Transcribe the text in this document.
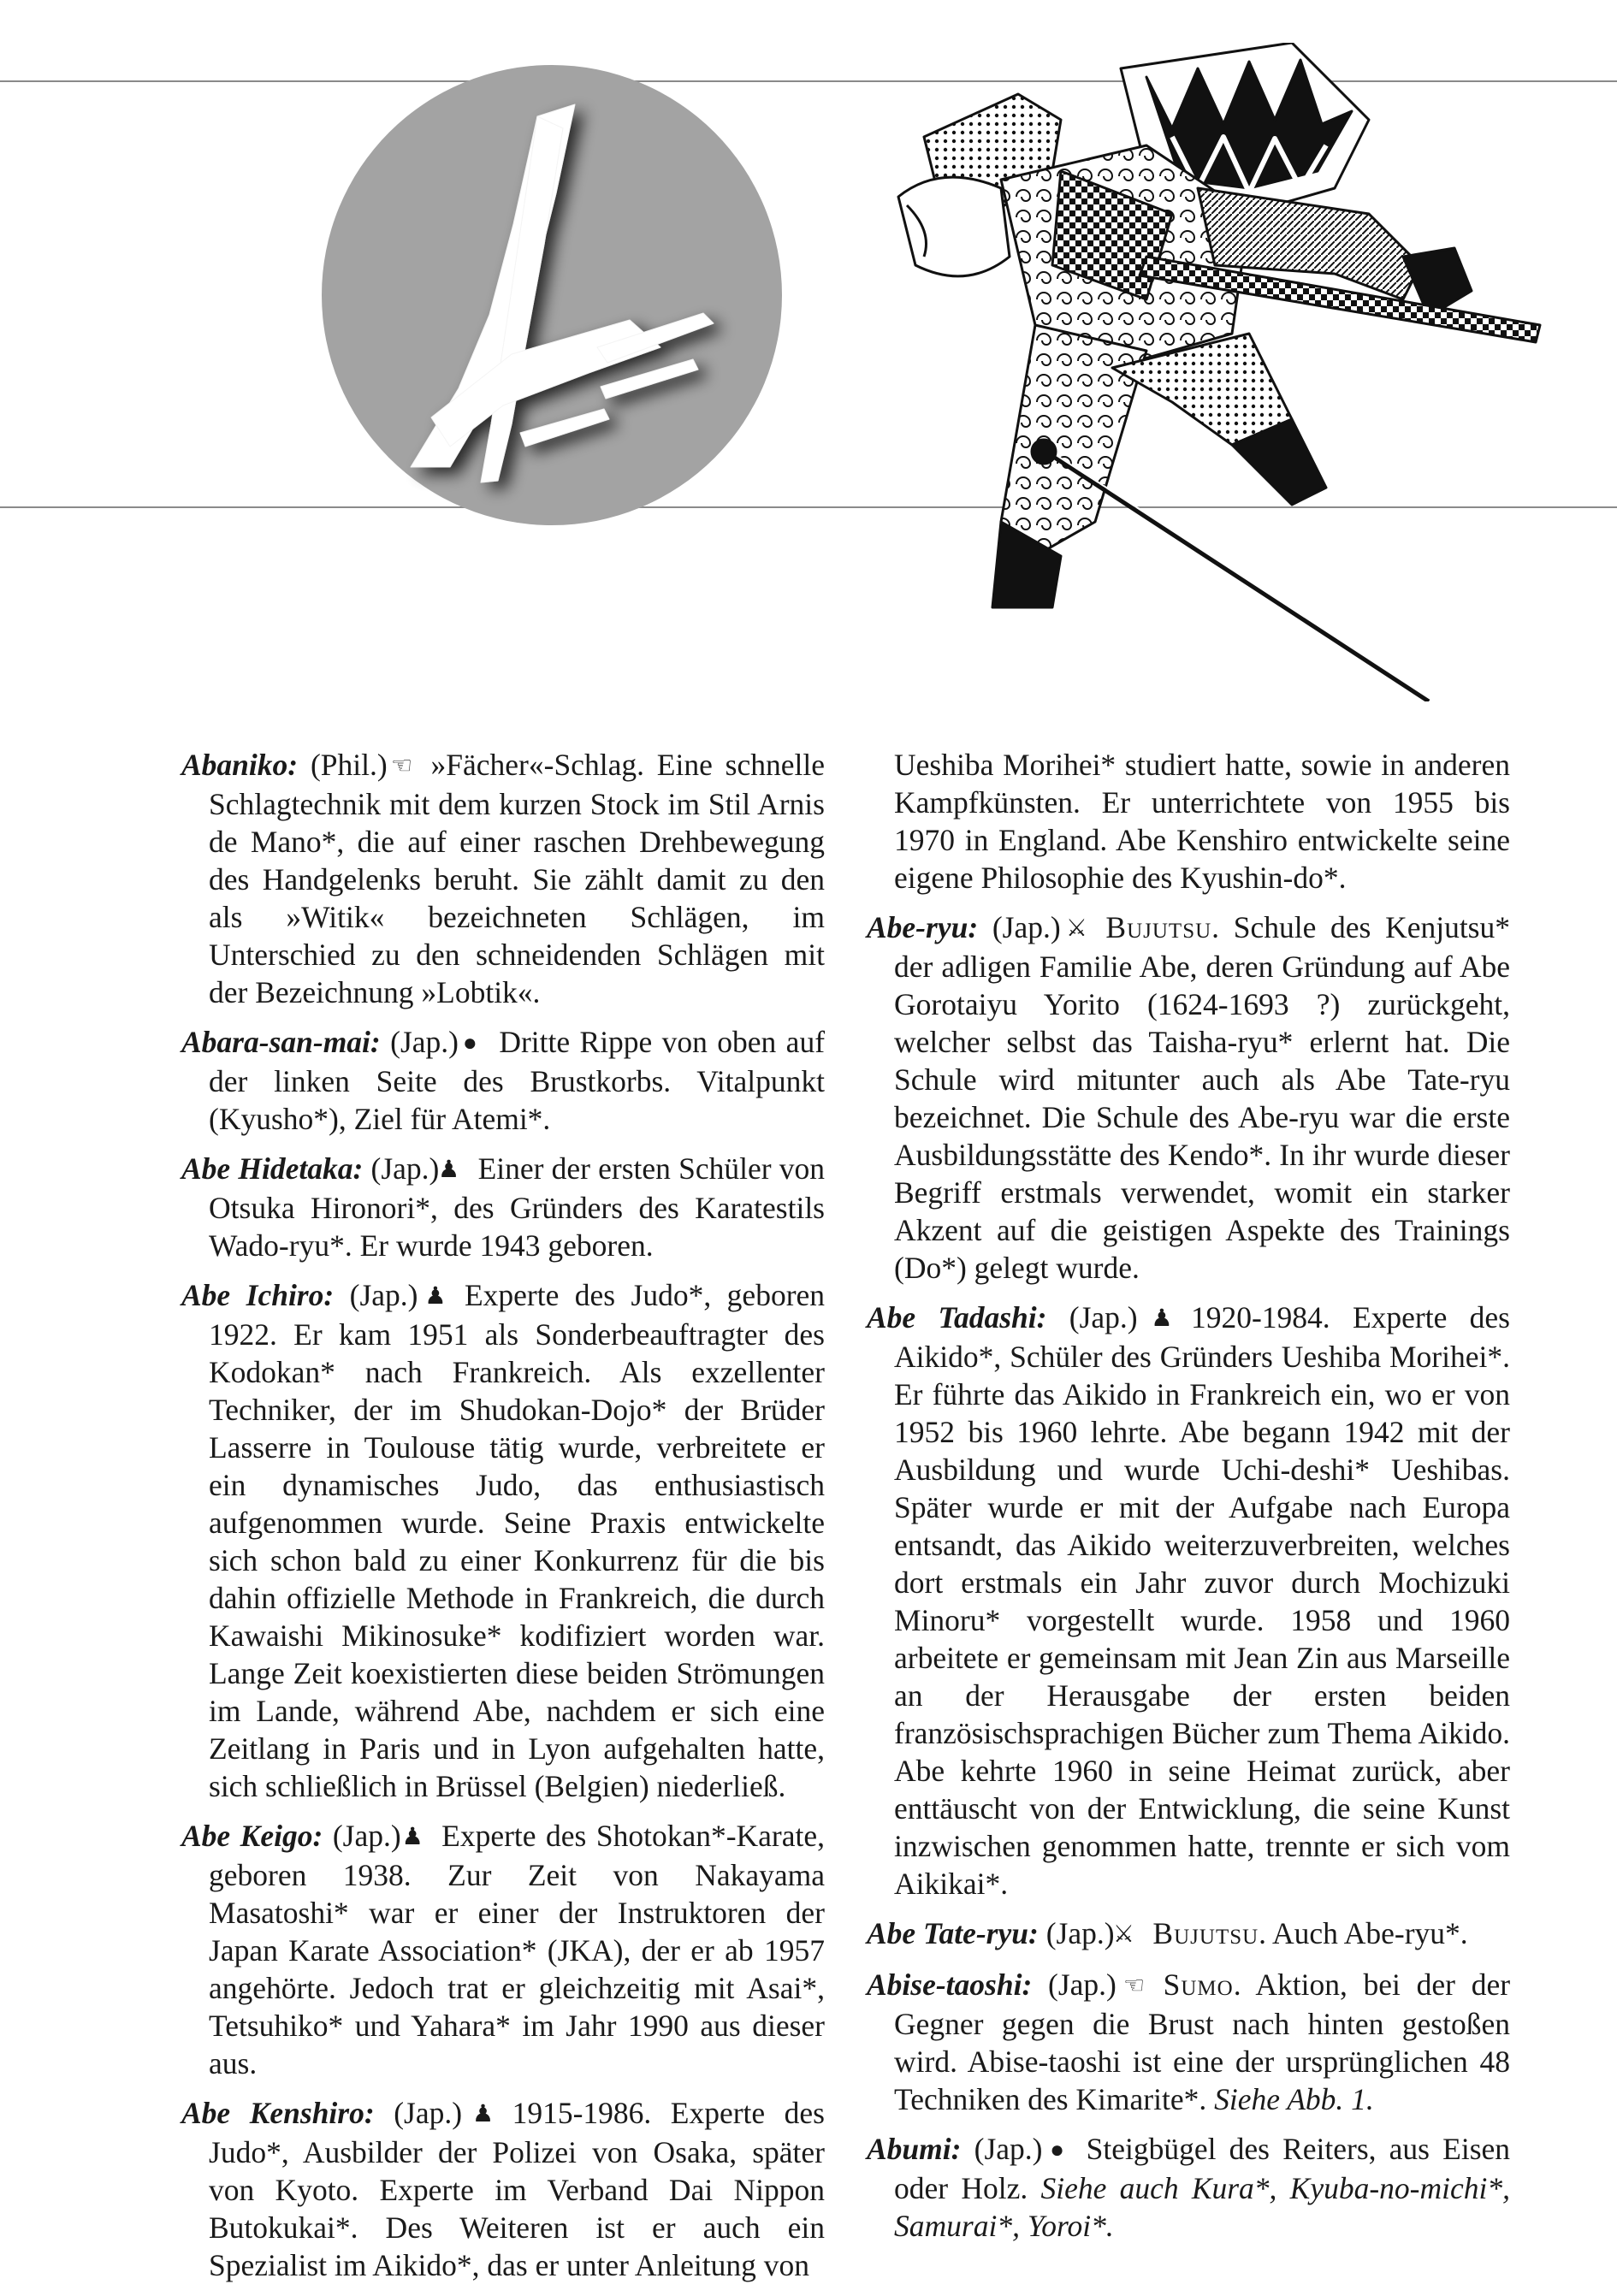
Abaniko: (Phil.) ☜ »Fächer«-Schlag. Eine schnelle Schlagtechnik mit dem kurzen Stock im Stil Arnis de Mano*, die auf einer raschen Drehbewegung des Handgelenks beruht. Sie zählt damit zu den als »Witik« bezeichneten Schlägen, im Unterschied zu den schneidenden Schlägen mit der Bezeichnung »Lobtik«.

Abara-san-mai: (Jap.) ● Dritte Rippe von oben auf der linken Seite des Brustkorbs. Vitalpunkt (Kyusho*), Ziel für Atemi*.

Abe Hidetaka: (Jap.) ♟ Einer der ersten Schüler von Otsuka Hironori*, des Gründers des Karatestils Wado-ryu*. Er wurde 1943 geboren.

Abe Ichiro: (Jap.) ♟ Experte des Judo*, geboren 1922. Er kam 1951 als Sonderbeauftragter des Kodokan* nach Frankreich. Als exzellenter Techniker, der im Shudokan-Dojo* der Brüder Lasserre in Toulouse tätig wurde, verbreitete er ein dynamisches Judo, das enthusiastisch aufgenommen wurde. Seine Praxis entwickelte sich schon bald zu einer Konkurrenz für die bis dahin offizielle Methode in Frankreich, die durch Kawaishi Mikinosuke* kodifiziert worden war. Lange Zeit koexistierten diese beiden Strömungen im Lande, während Abe, nachdem er sich eine Zeitlang in Paris und in Lyon aufgehalten hatte, sich schließlich in Brüssel (Belgien) niederließ.

Abe Keigo: (Jap.) ♟ Experte des Shotokan*-Karate, geboren 1938. Zur Zeit von Nakayama Masatoshi* war er einer der Instruktoren der Japan Karate Association* (JKA), der er ab 1957 angehörte. Jedoch trat er gleichzeitig mit Asai*, Tetsuhiko* und Yahara* im Jahr 1990 aus dieser aus.

Abe Kenshiro: (Jap.) ♟ 1915-1986. Experte des Judo*, Ausbilder der Polizei von Osaka, später von Kyoto. Experte im Verband Dai Nippon Butokukai*. Des Weiteren ist er auch ein Spezialist im Aikido*, das er unter Anleitung von

Ueshiba Morihei* studiert hatte, sowie in anderen Kampfkünsten. Er unterrichtete von 1955 bis 1970 in England. Abe Kenshiro entwickelte seine eigene Philosophie des Kyushin-do*.

Abe-ryu: (Jap.) ⚔ Bujutsu. Schule des Kenjutsu* der adligen Familie Abe, deren Gründung auf Abe Gorotaiyu Yorito (1624-1693 ?) zurückgeht, welcher selbst das Taisha-ryu* erlernt hat. Die Schule wird mitunter auch als Abe Tate-ryu bezeichnet. Die Schule des Abe-ryu war die erste Ausbildungsstätte des Kendo*. In ihr wurde dieser Begriff erstmals verwendet, womit ein starker Akzent auf die geistigen Aspekte des Trainings (Do*) gelegt wurde.

Abe Tadashi: (Jap.) ♟ 1920-1984. Experte des Aikido*, Schüler des Gründers Ueshiba Morihei*. Er führte das Aikido in Frankreich ein, wo er von 1952 bis 1960 lehrte. Abe begann 1942 mit der Ausbildung und wurde Uchi-deshi* Ueshibas. Später wurde er mit der Aufgabe nach Europa entsandt, das Aikido weiterzuverbreiten, welches dort erstmals ein Jahr zuvor durch Mochizuki Minoru* vorgestellt wurde. 1958 und 1960 arbeitete er gemeinsam mit Jean Zin aus Marseille an der Herausgabe der ersten beiden französischsprachigen Bücher zum Thema Aikido. Abe kehrte 1960 in seine Heimat zurück, aber enttäuscht von der Entwicklung, die seine Kunst inzwischen genommen hatte, trennte er sich vom Aikikai*.

Abe Tate-ryu: (Jap.) ⚔ Bujutsu. Auch Abe-ryu*.

Abise-taoshi: (Jap.) ☜ Sumo. Aktion, bei der der Gegner gegen die Brust nach hinten gestoßen wird. Abise-taoshi ist eine der ursprünglichen 48 Techniken des Kimarite*. Siehe Abb. 1.

Abumi: (Jap.) ● Steigbügel des Reiters, aus Eisen oder Holz. Siehe auch Kura*, Kyuba-no-michi*, Samurai*, Yoroi*.
